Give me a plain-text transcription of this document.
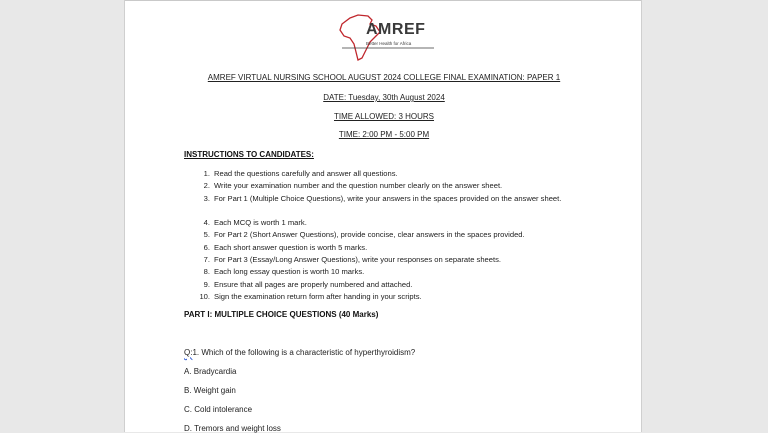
AMREF
Better Health for Africa
AMREF VIRTUAL NURSING SCHOOL AUGUST 2024 COLLEGE FINAL EXAMINATION: PAPER 1
DATE: Tuesday, 30th August 2024
TIME ALLOWED: 3 HOURS
TIME: 2:00 PM - 5:00 PM
INSTRUCTIONS TO CANDIDATES:
1. Read the questions carefully and answer all questions.
2. Write your examination number and the question number clearly on the answer sheet.
3. For Part 1 (Multiple Choice Questions), write your answers in the spaces provided on the answer sheet.
4. Each MCQ is worth 1 mark.
5. For Part 2 (Short Answer Questions), provide concise, clear answers in the spaces provided.
6. Each short answer question is worth 5 marks.
7. For Part 3 (Essay/Long Answer Questions), write your responses on separate sheets.
8. Each long essay question is worth 10 marks.
9. Ensure that all pages are properly numbered and attached.
10. Sign the examination return form after handing in your scripts.
PART I: MULTIPLE CHOICE QUESTIONS (40 Marks)
Q:1. Which of the following is a characteristic of hyperthyroidism?
A. Bradycardia
B. Weight gain
C. Cold intolerance
D. Tremors and weight loss
